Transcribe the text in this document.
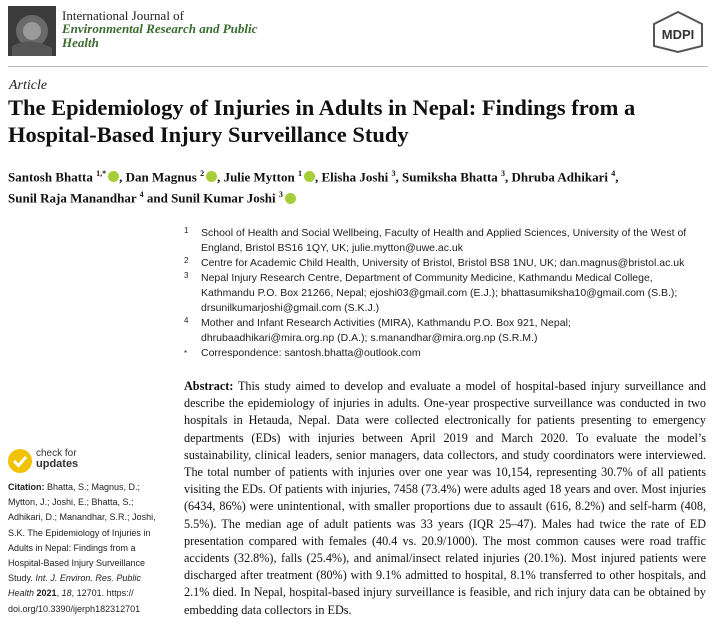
International Journal of
Environmental Research and Public Health
MDPI
Article
The Epidemiology of Injuries in Adults in Nepal: Findings from a Hospital-Based Injury Surveillance Study
Santosh Bhatta $^{1,*}$ , Dan Magnus $^2$ , Julie Mytton $^1$ , Elisha Joshi $^3$, Sumiksha Bhatta $^3$, Dhruba Adhikari $^4$,
Sunil Raja Manandhar $^4$ and Sunil Kumar Joshi $^3$
1 School of Health and Social Wellbeing, Faculty of Health and Applied Sciences, University of the West of
England, Bristol BS16 1QY, UK; julie.mytton@uwe.ac.uk
2 Centre for Academic Child Health, University of Bristol, Bristol BS8 1NU, UK; dan.magnus@bristol.ac.uk
3 Nepal Injury Research Centre, Department of Community Medicine, Kathmandu Medical College,
Kathmandu P.O. Box 21266, Nepal; ejoshi03@gmail.com (E.J.); bhattasumiksha10@gmail.com (S.B.);
drsunilkumarjoshi@gmail.com (S.K.J.)
4 Mother and Infant Research Activities (MIRA), Kathmandu P.O. Box 921, Nepal;
dhrubaadhikari@mira.org.np (D.A.); s.manandhar@mira.org.np (S.R.M.)
* Correspondence: santosh.bhatta@outlook.com
Abstract: This study aimed to develop and evaluate a model of hospital-based injury surveillance and describe the epidemiology of injuries in adults. One-year prospective surveillance was conducted in two hospitals in Hetauda, Nepal. Data were collected electronically for patients presenting to emergency departments (EDs) with injuries between April 2019 and March 2020. To evaluate the model’s sustainability, clinical leaders, senior managers, data collectors, and study coordinators were interviewed. The total number of patients with injuries over one year was 10,154, representing 30.7% of all patients visiting the EDs. Of patients with injuries, 7458 (73.4%) were adults aged 18 years and over. Most injuries (6434, 86%) were unintentional, with smaller proportions due to assault (616, 8.2%) and self-harm (408, 5.5%). The median age of adult patients was 33 years (IQR 25–47). Males had twice the rate of ED presentation compared with females (40.4 vs. 20.9/1000). The most common causes were road traffic accidents (32.8%), falls (25.4%), and animal/insect related injuries (20.1%). Most injured patients were discharged after treatment (80%) with 9.1% admitted to hospital, 8.1% transferred to other hospitals, and 2.1% died. In Nepal, hospital-based injury surveillance is feasible, and rich injury data can be obtained by embedding data collectors in EDs.
check for
updates
Citation: Bhatta, S.; Magnus, D.; Mytton, J.; Joshi, E.; Bhatta, S.; Adhikari, D.; Manandhar, S.R.; Joshi, S.K. The Epidemiology of Injuries in Adults in Nepal: Findings from a Hospital-Based Injury Surveillance Study. Int. J. Environ. Res. Public Health 2021, 18, 12701. https:// doi.org/10.3390/ijerph182312701
